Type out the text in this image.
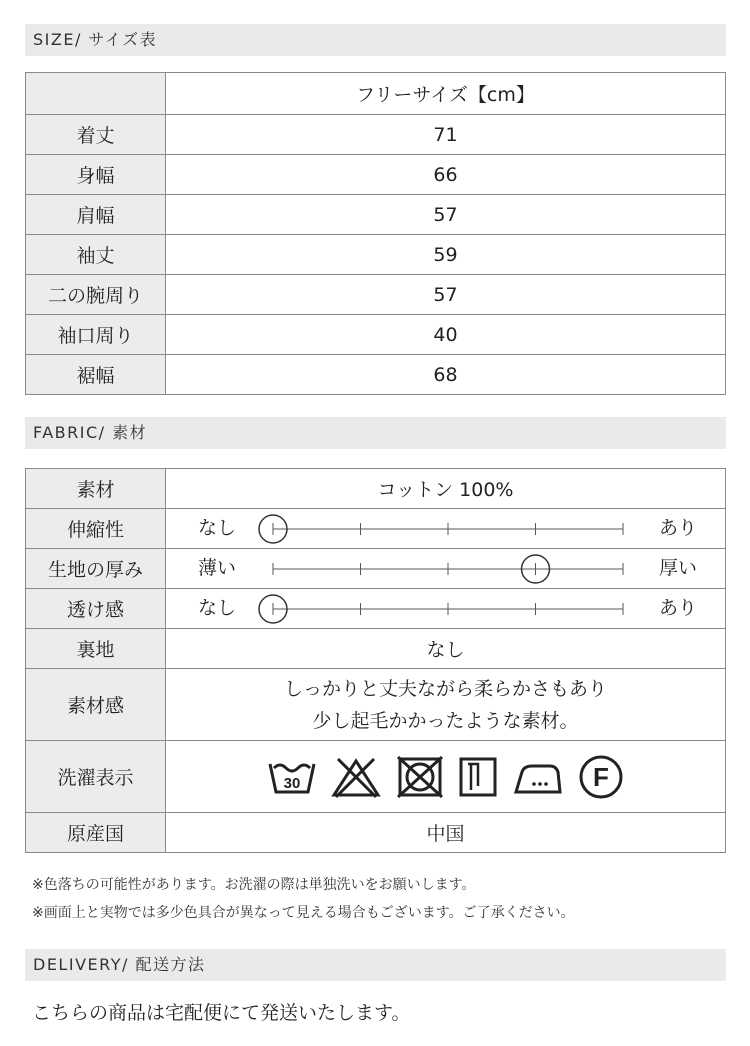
SIZE/ サイズ表
	フリーサイズ【cm】
着丈	71
身幅	66
肩幅	57
袖丈	59
二の腕周り	57
袖口周り	40
裾幅	68
FABRIC/ 素材
素材	コットン 100%
伸縮性	なし あり

生地の厚み	薄い 厚い

透け感	なし あり

裏地	なし
素材感	しっかりと丈夫ながら柔らかさもあり
少し起毛かかったような素材。

洗濯表示	30 F

原産国	中国
※色落ちの可能性があります。お洗濯の際は単独洗いをお願いします。
※画面上と実物では多少色具合が異なって見える場合もございます。ご了承ください。
DELIVERY/ 配送方法
こちらの商品は宅配便にて発送いたします。
